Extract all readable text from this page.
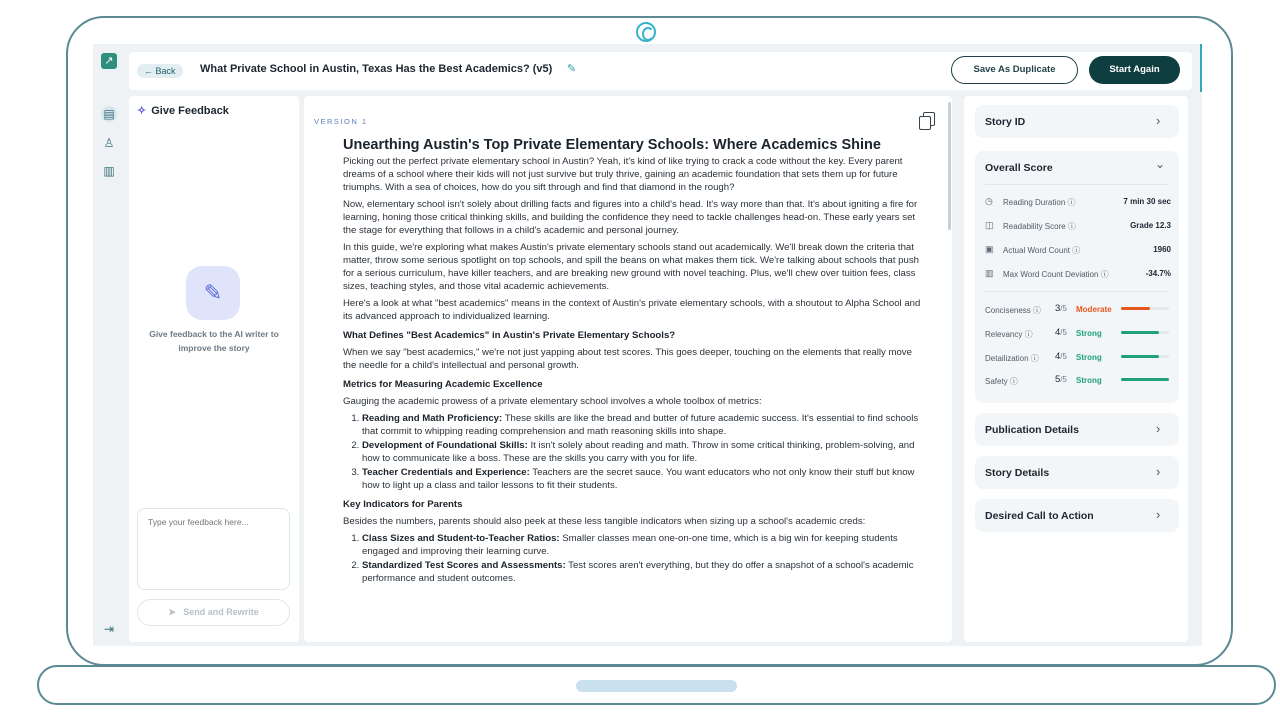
↗
▤
♙
▥
⇥
← Back	What Private School in Austin, Texas Has the Best Academics? (v5) ✎	Save As Duplicate	Start Again
✧ Give Feedback
✎
Give feedback to the AI writer to improve the story
Type your feedback here...
➤ Send and Rewrite
VERSION 1
Unearthing Austin's Top Private Elementary Schools: Where Academics Shine

Picking out the perfect private elementary school in Austin? Yeah, it's kind of like trying to crack a code without the key. Every parent dreams of a school where their kids will not just survive but truly thrive, gaining an academic foundation that sets them up for future triumphs. With a sea of choices, how do you sift through and find that diamond in the rough?

Now, elementary school isn't solely about drilling facts and figures into a child's head. It's way more than that. It's about igniting a fire for learning, honing those critical thinking skills, and building the confidence they need to tackle challenges head-on. These early years set the stage for everything that follows in a child's academic and personal journey.

In this guide, we're exploring what makes Austin's private elementary schools stand out academically. We'll break down the criteria that matter, throw some serious spotlight on top schools, and spill the beans on what makes them tick. We're talking about schools that push for a serious curriculum, have killer teachers, and are breaking new ground with novel teaching. Plus, we'll chew over tuition fees, class sizes, teaching styles, and those vital academic achievements.

Here's a look at what "best academics" means in the context of Austin's private elementary schools, with a shoutout to Alpha School and its advanced approach to individualized learning.

What Defines "Best Academics" in Austin's Private Elementary Schools?

When we say "best academics," we're not just yapping about test scores. This goes deeper, touching on the elements that really move the needle for a child's intellectual and personal growth.

Metrics for Measuring Academic Excellence

Gauging the academic prowess of a private elementary school involves a whole toolbox of metrics:

1. Reading and Math Proficiency: These skills are like the bread and butter of future academic success. It's essential to find schools that commit to whipping reading comprehension and math reasoning skills into shape.
2. Development of Foundational Skills: It isn't solely about reading and math. Throw in some critical thinking, problem-solving, and how to communicate like a boss. These are the skills you carry with you for life.
3. Teacher Credentials and Experience: Teachers are the secret sauce. You want educators who not only know their stuff but know how to light up a class and tailor lessons to fit their students.
Key Indicators for Parents

Besides the numbers, parents should also peek at these less tangible indicators when sizing up a school's academic creds:

1. Class Sizes and Student-to-Teacher Ratios: Smaller classes mean one-on-one time, which is a big win for keeping students engaged and improving their learning curve.
2. Standardized Test Scores and Assessments: Test scores aren't everything, but they do offer a snapshot of a school's academic performance and student outcomes.
Story ID	›
Overall Score	⌄
◷ Reading Duration ⓘ	7 min 30 sec
◫ Readability Score ⓘ	Grade 12.3
▣ Actual Word Count ⓘ	1960
▥ Max Word Count Deviation ⓘ	-34.7%
Conciseness ⓘ 3/5 Moderate
Relevancy ⓘ 4/5 Strong
Detailization ⓘ 4/5 Strong
Safety ⓘ	5/5 Strong
Publication Details	›
Story Details	›
Desired Call to Action	›
